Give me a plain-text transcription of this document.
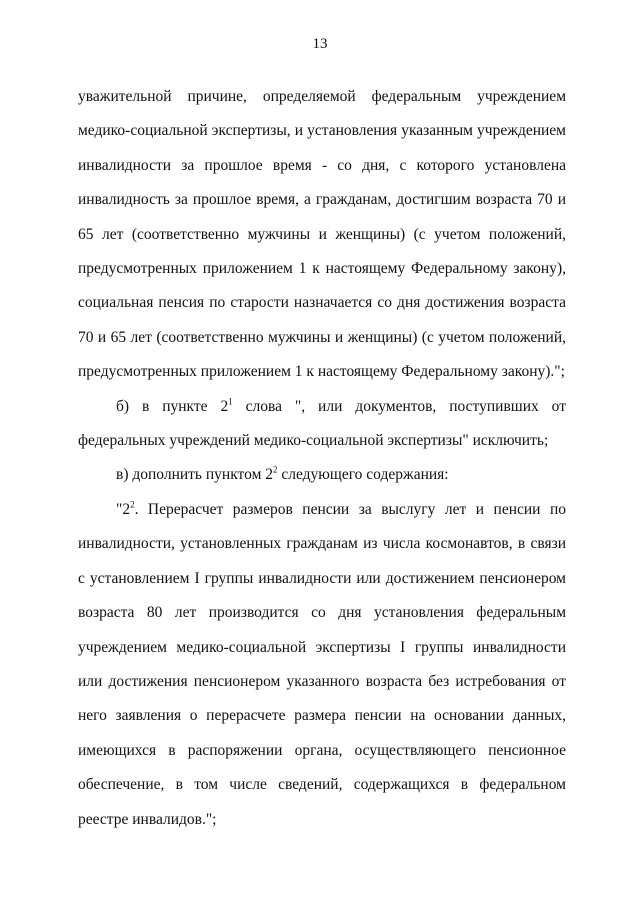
13

уважительной причине, определяемой федеральным учреждением медико-социальной экспертизы, и установления указанным учреждением инвалидности за прошлое время - со дня, с которого установлена инвалидность за прошлое время, а гражданам, достигшим возраста 70 и 65 лет (соответственно мужчины и женщины) (с учетом положений, предусмотренных приложением 1 к настоящему Федеральному закону), социальная пенсия по старости назначается со дня достижения возраста 70 и 65 лет (соответственно мужчины и женщины) (с учетом положений, предусмотренных приложением 1 к настоящему Федеральному закону).";

б) в пункте $2^1$ слова ", или документов, поступивших от федеральных учреждений медико-социальной экспертизы" исключить;

в) дополнить пунктом $2^2$ следующего содержания:

"$2^2$. Перерасчет размеров пенсии за выслугу лет и пенсии по инвалидности, установленных гражданам из числа космонавтов, в связи с установлением I группы инвалидности или достижением пенсионером возраста 80 лет производится со дня установления федеральным учреждением медико-социальной экспертизы I группы инвалидности или достижения пенсионером указанного возраста без истребования от него заявления о перерасчете размера пенсии на основании данных, имеющихся в распоряжении органа, осуществляющего пенсионное обеспечение, в том числе сведений, содержащихся в федеральном реестре инвалидов.";
